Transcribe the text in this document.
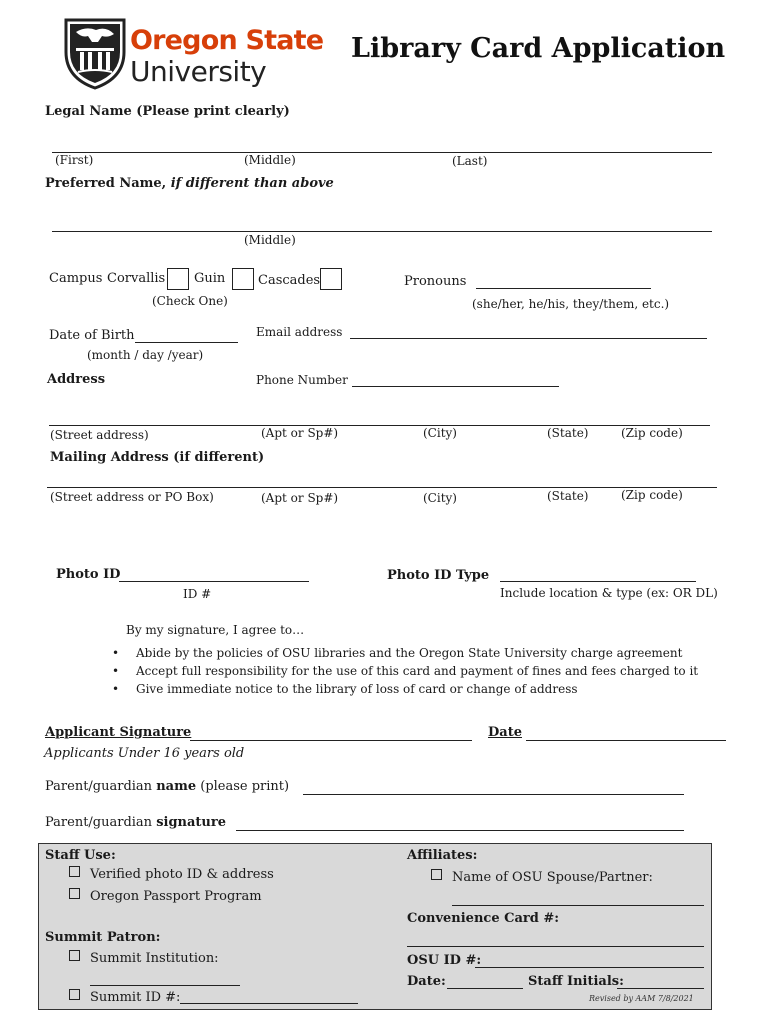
Oregon State
University
Library Card Application
Legal Name (Please print clearly)
(First)	(Middle)	(Last)
Preferred Name, if different than above
(Middle)
Campus Corvallis Guin	Cascades
(Check One)
Pronouns
(she/her, he/his, they/them, etc.)
Date of Birth
(month / day /year)
Email address
Address	Phone Number
(Street address)	(Apt or Sp#)	(City)	(State)	(Zip code)
Mailing Address (if different)
(Street address or PO Box)	(Apt or Sp#)	(City)	(State)	(Zip code)
Photo ID
ID #
Photo ID Type
Include location & type (ex: OR DL)
By my signature, I agree to…
• Abide by the policies of OSU libraries and the Oregon State University charge agreement
• Accept full responsibility for the use of this card and payment of fines and fees charged to it
• Give immediate notice to the library of loss of card or change of address
Applicant Signature	Date
Applicants Under 16 years old
Parent/guardian name (please print)
Parent/guardian signature
Staff Use:
Verified photo ID & address
Oregon Passport Program
Summit Patron:
Summit Institution:
Summit ID #:
Affiliates:
Name of OSU Spouse/Partner:
Convenience Card #:
OSU ID #:
Date:	Staff Initials:
Revised by AAM 7/8/2021
